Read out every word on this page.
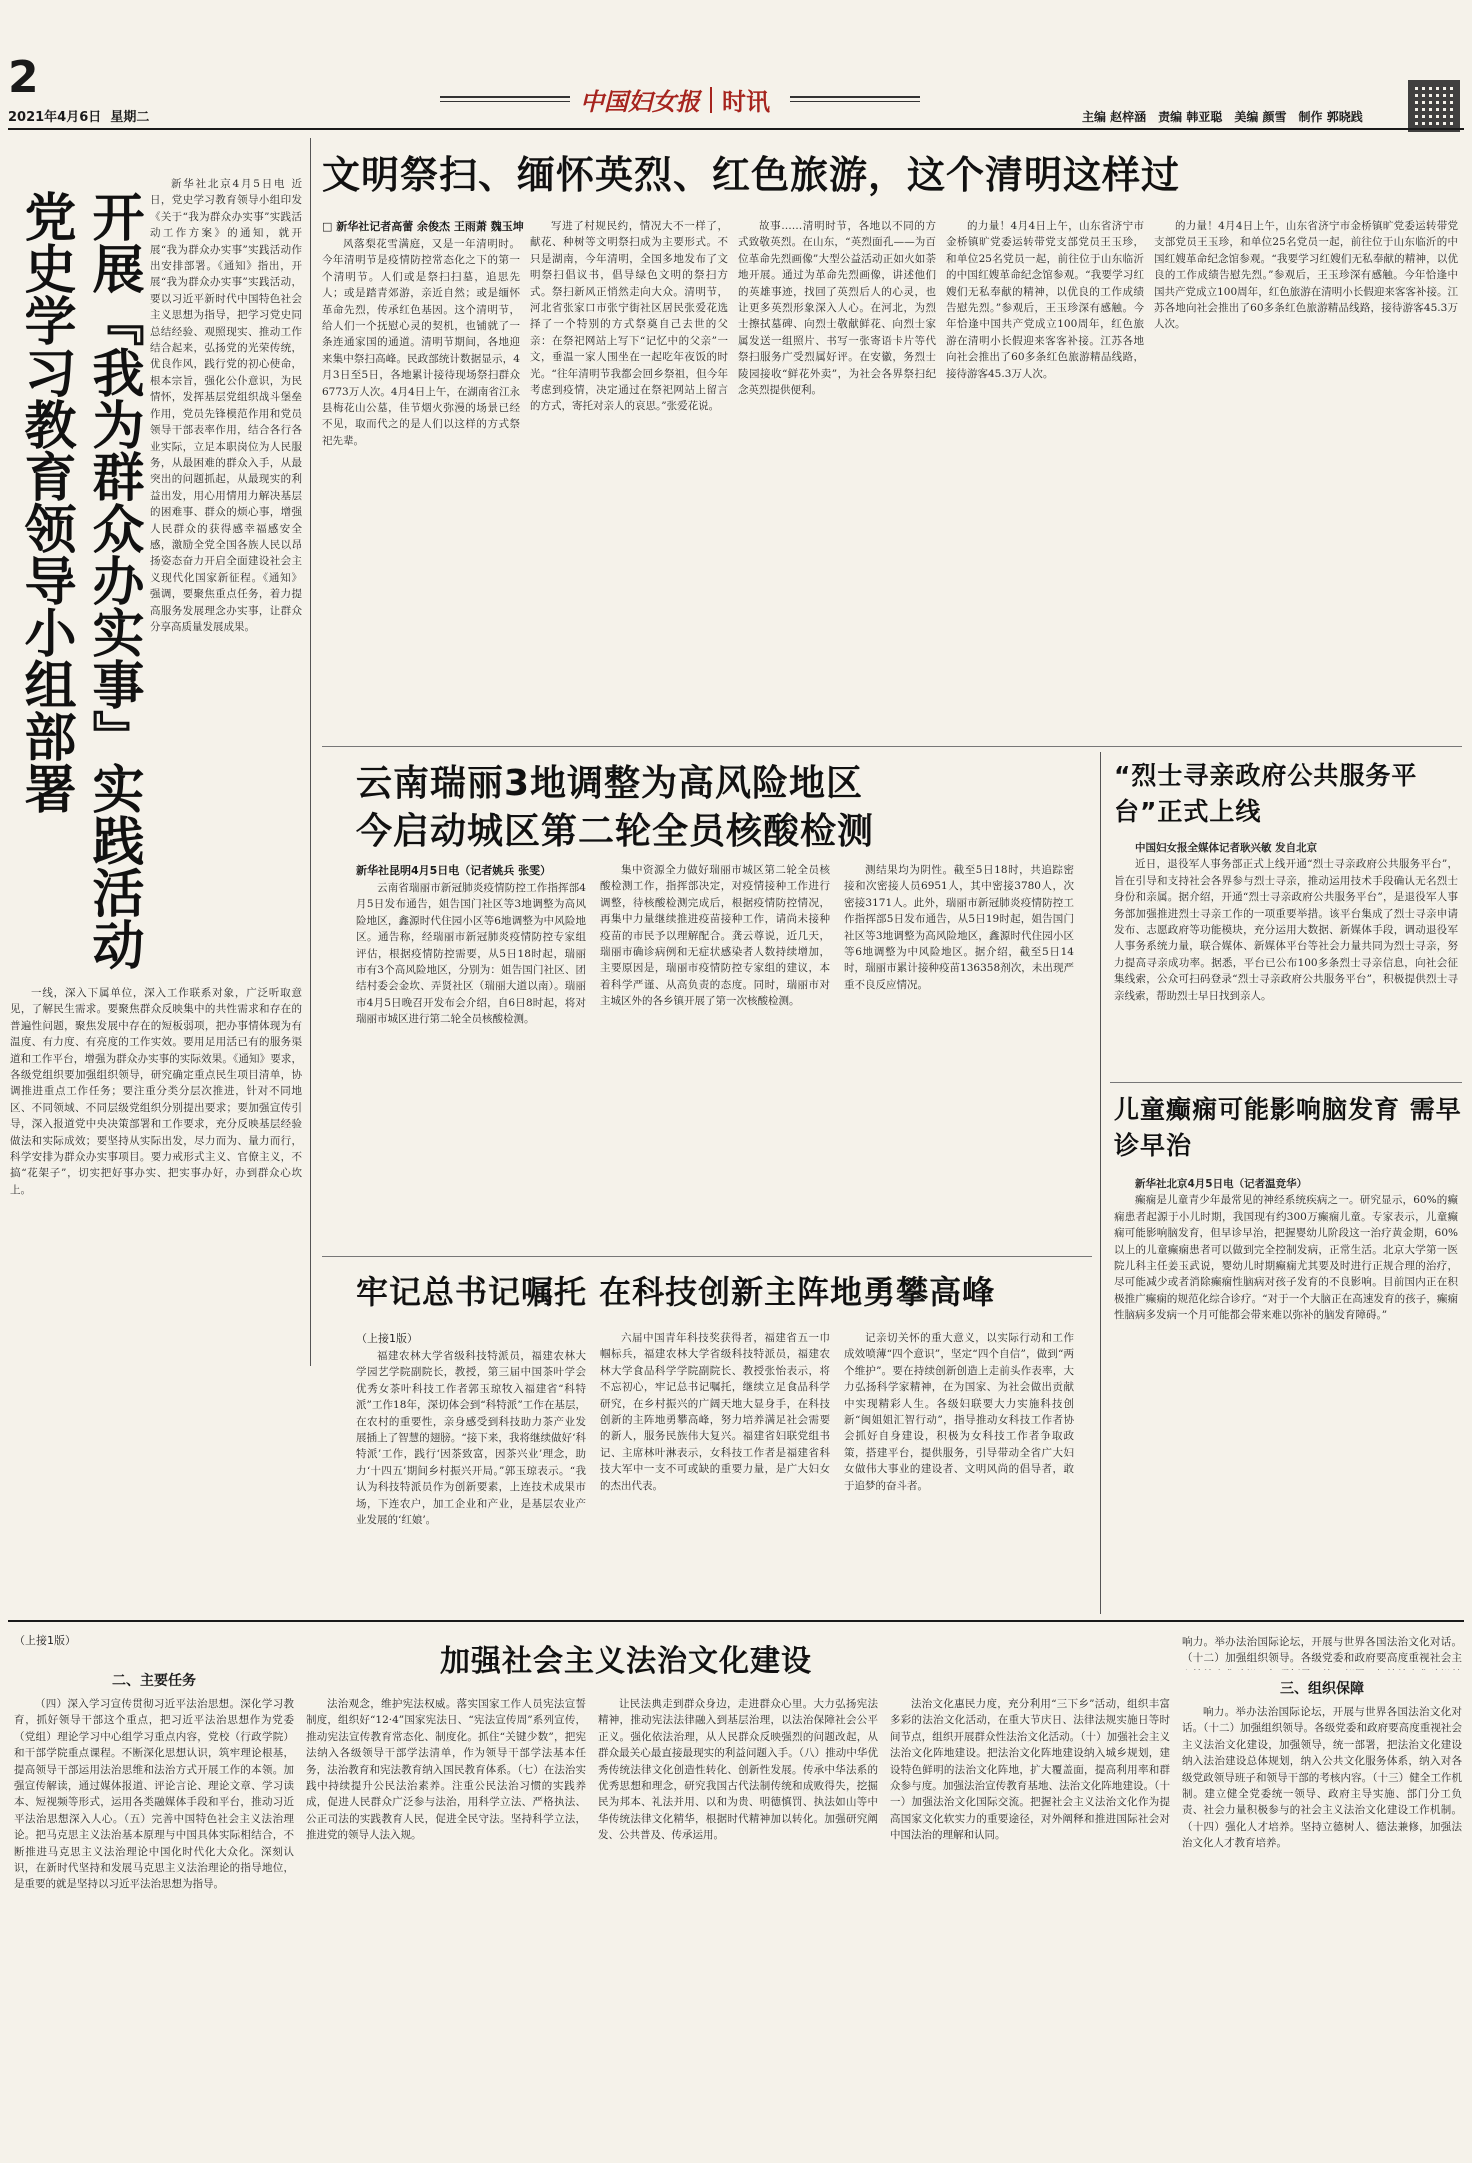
2
2021年4月6日 星期二
中国妇女报 时讯
主编 赵梓涵　责编 韩亚聪　美编 颜雪　制作 郭晓践
开展『我为群众办实事』实践活动
党史学习教育领导小组部署

新华社北京4月5日电 近日，党史学习教育领导小组印发《关于“我为群众办实事”实践活动工作方案》的通知，就开展“我为群众办实事”实践活动作出安排部署。《通知》指出，开展“我为群众办实事”实践活动，要以习近平新时代中国特色社会主义思想为指导，把学习党史同总结经验、观照现实、推动工作结合起来，弘扬党的光荣传统，优良作风，践行党的初心使命，根本宗旨，强化公仆意识，为民情怀，发挥基层党组织战斗堡垒作用，党员先锋模范作用和党员领导干部表率作用，结合各行各业实际，立足本职岗位为人民服务，从最困难的群众入手，从最突出的问题抓起，从最现实的利益出发，用心用情用力解决基层的困难事、群众的烦心事，增强人民群众的获得感幸福感安全感，激励全党全国各族人民以昂扬姿态奋力开启全面建设社会主义现代化国家新征程。《通知》强调，要聚焦重点任务，着力提高服务发展理念办实事，让群众分享高质量发展成果。

一线，深入下属单位，深入工作联系对象，广泛听取意见，了解民生需求。要聚焦群众反映集中的共性需求和存在的普遍性问题，聚焦发展中存在的短板弱项，把办事情体现为有温度、有力度、有亮度的工作实效。要用足用活已有的服务渠道和工作平台，增强为群众办实事的实际效果。《通知》要求，各级党组织要加强组织领导，研究确定重点民生项目清单，协调推进重点工作任务；要注重分类分层次推进，针对不同地区、不同领域、不同层级党组织分别提出要求；要加强宣传引导，深入报道党中央决策部署和工作要求，充分反映基层经验做法和实际成效；要坚持从实际出发，尽力而为、量力而行，科学安排为群众办实事项目。要力戒形式主义、官僚主义，不搞“花架子”，切实把好事办实、把实事办好，办到群众心坎上。

文明祭扫、缅怀英烈、红色旅游，这个清明这样过
□ 新华社记者高蕾 余俊杰 王雨萧 魏玉坤

风落梨花雪满庭，又是一年清明时。今年清明节是疫情防控常态化之下的第一个清明节。人们或是祭扫扫墓，追思先人；或是踏青郊游，亲近自然；或是缅怀革命先烈，传承红色基因。这个清明节，给人们一个抚慰心灵的契机，也铺就了一条连通家国的通道。清明节期间，各地迎来集中祭扫高峰。民政部统计数据显示，4月3日至5日，各地累计接待现场祭扫群众6773万人次。4月4日上午，在湖南省江永县梅花山公墓，佳节烟火弥漫的场景已经不见，取而代之的是人们以这样的方式祭祀先辈。

写进了村规民约，情况大不一样了，献花、种树等文明祭扫成为主要形式。不只是湖南，今年清明，全国多地发布了文明祭扫倡议书，倡导绿色文明的祭扫方式。祭扫新风正悄然走向大众。清明节，河北省张家口市张宁街社区居民张爱花选择了一个特别的方式祭奠自己去世的父亲：在祭祀网站上写下“记忆中的父亲”一文，垂温一家人围坐在一起吃年夜饭的时光。“往年清明节我都会回乡祭祖，但今年考虑到疫情，决定通过在祭祀网站上留言的方式，寄托对亲人的哀思。”张爱花说。

故事……清明时节，各地以不同的方式致敬英烈。在山东，“英烈面孔——为百位革命先烈画像”大型公益活动正如火如荼地开展。通过为革命先烈画像，讲述他们的英雄事迹，找回了英烈后人的心灵，也让更多英烈形象深入人心。在河北，为烈士擦拭墓碑、向烈士敬献鲜花、向烈士家属发送一组照片、书写一张寄语卡片等代祭扫服务广受烈属好评。在安徽，务烈士陵园接收“鲜花外卖”，为社会各界祭扫纪念英烈提供便利。

的力量！4月4日上午，山东省济宁市金桥镇旷党委运转带党支部党员王玉珍，和单位25名党员一起，前往位于山东临沂的中国红嫂革命纪念馆参观。“我要学习红嫂们无私奉献的精神，以优良的工作成绩告慰先烈。”参观后，王玉珍深有感触。今年恰逢中国共产党成立100周年，红色旅游在清明小长假迎来客客补接。江苏各地向社会推出了60多条红色旅游精品线路，接待游客45.3万人次。

的力量！4月4日上午，山东省济宁市金桥镇旷党委运转带党支部党员王玉珍，和单位25名党员一起，前往位于山东临沂的中国红嫂革命纪念馆参观。“我要学习红嫂们无私奉献的精神，以优良的工作成绩告慰先烈。”参观后，王玉珍深有感触。今年恰逢中国共产党成立100周年，红色旅游在清明小长假迎来客客补接。江苏各地向社会推出了60多条红色旅游精品线路，接待游客45.3万人次。

云南瑞丽3地调整为高风险地区
今启动城区第二轮全员核酸检测
新华社昆明4月5日电（记者姚兵 张雯）

云南省瑞丽市新冠肺炎疫情防控工作指挥部4月5日发布通告，姐告国门社区等3地调整为高风险地区，鑫源时代住园小区等6地调整为中风险地区。通告称，经瑞丽市新冠肺炎疫情防控专家组评估，根据疫情防控需要，从5日18时起，瑞丽市有3个高风险地区，分别为：姐告国门社区、团结村委会金坎、弄贤社区（瑞丽大道以南）。瑞丽市4月5日晚召开发布会介绍，自6日8时起，将对瑞丽市城区进行第二轮全员核酸检测。

集中资源全力做好瑞丽市城区第二轮全员核酸检测工作，指挥部决定，对疫情接种工作进行调整，待核酸检测完成后，根据疫情防控情况，再集中力量继续推进疫苗接种工作，请尚未接种疫苗的市民予以理解配合。龚云尊说，近几天，瑞丽市确诊病例和无症状感染者人数持续增加，主要原因是，瑞丽市疫情防控专家组的建议，本着科学严谨、从高负责的态度。同时，瑞丽市对主城区外的各乡镇开展了第一次核酸检测。

测结果均为阴性。截至5日18时，共追踪密接和次密接人员6951人，其中密接3780人，次密接3171人。此外，瑞丽市新冠肺炎疫情防控工作指挥部5日发布通告，从5日19时起，姐告国门社区等3地调整为高风险地区，鑫源时代住园小区等6地调整为中风险地区。据介绍，截至5日14时，瑞丽市累计接种疫苗136358剂次，未出现严重不良反应情况。

牢记总书记嘱托 在科技创新主阵地勇攀高峰
（上接1版）

福建农林大学省级科技特派员，福建农林大学园艺学院副院长，教授，第三届中国茶叶学会优秀女茶叶科技工作者郭玉琼牧入福建省“科特派”工作18年，深切体会到“科特派”工作在基层，在农村的重要性，亲身感受到科技助力茶产业发展插上了智慧的翅膀。“接下来，我将继续做好‘科特派’工作，践行‘因茶致富，因茶兴业’理念，助力‘十四五’期间乡村振兴开局。”郭玉琼表示。“我认为科技特派员作为创新要素，上连技术成果市场，下连农户，加工企业和产业，是基层农业产业发展的‘红娘’。

六届中国青年科技奖获得者，福建省五一巾帼标兵，福建农林大学省级科技特派员，福建农林大学食品科学学院副院长、教授张怡表示，将不忘初心，牢记总书记嘱托，继续立足食品科学研究，在乡村振兴的广阔天地大显身手，在科技创新的主阵地勇攀高峰，努力培养满足社会需要的新人，服务民族伟大复兴。福建省妇联党组书记、主席林叶淋表示，女科技工作者是福建省科技大军中一支不可或缺的重要力量，是广大妇女的杰出代表。

记亲切关怀的重大意义，以实际行动和工作成效喷薄“四个意识”，坚定“四个自信”，做到“两个维护”。要在持续创新创造上走前头作表率，大力弘扬科学家精神，在为国家、为社会做出贡献中实现精彩人生。各级妇联要大力实施科技创新“闽姐姐汇智行动”，指导推动女科技工作者协会抓好自身建设，积极为女科技工作者争取政策，搭建平台，提供服务，引导带动全省广大妇女做伟大事业的建设者、文明风尚的倡导者，敢于追梦的奋斗者。

“烈士寻亲政府公共服务平台”正式上线

中国妇女报全媒体记者耿兴敏 发自北京

近日，退役军人事务部正式上线开通“烈士寻亲政府公共服务平台”，旨在引导和支持社会各界参与烈士寻亲，推动运用技术手段确认无名烈士身份和亲属。据介绍，开通“烈士寻亲政府公共服务平台”，是退役军人事务部加强推进烈士寻亲工作的一项重要举措。该平台集成了烈士寻亲申请发布、志愿政府等功能模块，充分运用大数据、新媒体手段，调动退役军人事务系统力量，联合媒体、新媒体平台等社会力量共同为烈士寻亲，努力提高寻亲成功率。据悉，平台已公布100多条烈士寻亲信息，向社会征集线索，公众可扫码登录“烈士寻亲政府公共服务平台”，积极提供烈士寻亲线索，帮助烈士早日找到亲人。

儿童癫痫可能影响脑发育 需早诊早治

新华社北京4月5日电（记者温竞华）

癫痫是儿童青少年最常见的神经系统疾病之一。研究显示，60%的癫痫患者起源于小儿时期，我国现有约300万癫痫儿童。专家表示，儿童癫痫可能影响脑发育，但早诊早治，把握婴幼儿阶段这一治疗黄金期，60%以上的儿童癫痫患者可以做到完全控制发病，正常生活。北京大学第一医院儿科主任姜玉武说，婴幼儿时期癫痫尤其要及时进行正规合理的治疗，尽可能减少或者消除癫痫性脑病对孩子发育的不良影响。目前国内正在积极推广癫痫的规范化综合诊疗。“对于一个大脑正在高速发育的孩子，癫痫性脑病多发病一个月可能都会带来难以弥补的脑发育障碍。”

（上接1版）
加强社会主义法治文化建设
二、主要任务

（四）深入学习宣传贯彻习近平法治思想。深化学习教育，抓好领导干部这个重点，把习近平法治思想作为党委（党组）理论学习中心组学习重点内容，党校（行政学院）和干部学院重点课程。不断深化思想认识，筑牢理论根基，提高领导干部运用法治思维和法治方式开展工作的本领。加强宣传解读，通过媒体报道、评论言论、理论文章、学习读本、短视频等形式，运用各类融媒体手段和平台，推动习近平法治思想深入人心。（五）完善中国特色社会主义法治理论。把马克思主义法治基本原理与中国具体实际相结合，不断推进马克思主义法治理论中国化时代化大众化。深刻认识，在新时代坚持和发展马克思主义法治理论的指导地位，是重要的就是坚持以习近平法治思想为指导。

法治观念，维护宪法权威。落实国家工作人员宪法宣誓制度，组织好“12·4”国家宪法日、“宪法宣传周”系列宣传，推动宪法宣传教育常态化、制度化。抓住“关键少数”，把宪法纳入各级领导干部学法清单，作为领导干部学法基本任务，法治教育和宪法教育纳入国民教育体系。（七）在法治实践中持续提升公民法治素养。注重公民法治习惯的实践养成，促进人民群众广泛参与法治，用科学立法、严格执法、公正司法的实践教育人民，促进全民守法。坚持科学立法，推进党的领导人法入规。

让民法典走到群众身边，走进群众心里。大力弘扬宪法精神，推动宪法法律融入到基层治理，以法治保障社会公平正义。强化依法治理，从人民群众反映强烈的问题改起，从群众最关心最直接最现实的利益问题入手。（八）推动中华优秀传统法律文化创造性转化、创新性发展。传承中华法系的优秀思想和理念，研究我国古代法制传统和成败得失，挖掘民为邦本、礼法并用、以和为贵、明德慎罚、执法如山等中华传统法律文化精华，根据时代精神加以转化。加强研究阐发、公共普及、传承运用。

法治文化惠民力度，充分利用“三下乡”活动，组织丰富多彩的法治文化活动，在重大节庆日、法律法规实施日等时间节点，组织开展群众性法治文化活动。（十）加强社会主义法治文化阵地建设。把法治文化阵地建设纳入城乡规划，建设特色鲜明的法治文化阵地，扩大覆盖面，提高利用率和群众参与度。加强法治宣传教育基地、法治文化阵地建设。（十一）加强法治文化国际交流。把握社会主义法治文化作为提高国家文化软实力的重要途径，对外阐释和推进国际社会对中国法治的理解和认同。

响力。举办法治国际论坛，开展与世界各国法治文化对话。（十二）加强组织领导。各级党委和政府要高度重视社会主

三、组织保障

响力。举办法治国际论坛，开展与世界各国法治文化对话。（十二）加强组织领导。各级党委和政府要高度重视社会主义法治文化建设，加强领导，统一部署，把法治文化建设纳入法治建设总体规划，纳入公共文化服务体系，纳入对各级党政领导班子和领导干部的考核内容。（十三）健全工作机制。建立健全党委统一领导、政府主导实施、部门分工负责、社会力量积极参与的社会主义法治文化建设工作机制。（十四）强化人才培养。坚持立德树人、德法兼修，加强法治文化人才教育培养。
